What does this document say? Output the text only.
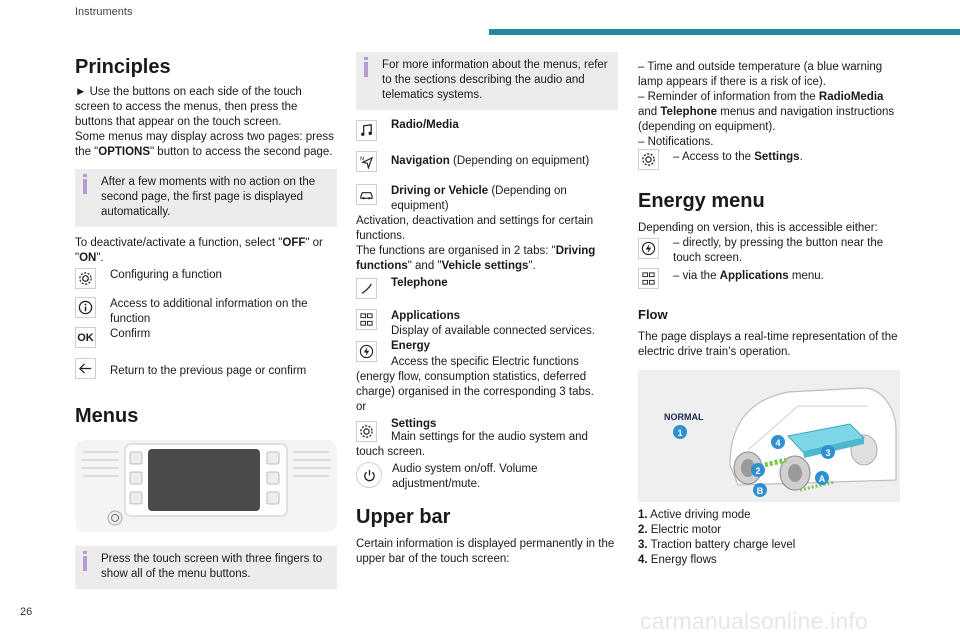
Instruments
26	carmanualsonline.info
Principles

► Use the buttons on each side of the touch screen to access the menus, then press the buttons that appear on the touch screen.

Some menus may display across two pages: press the "OPTIONS" button to access the second page.

After a few moments with no action on the second page, the first page is displayed automatically.

To deactivate/activate a function, select "OFF" or "ON".

Configuring a function

Access to additional information on the function

OK Confirm

Return to the previous page or confirm

Menus

Press the touch screen with three fingers to show all of the menu buttons.

For more information about the menus, refer to the sections describing the audio and telematics systems.

Radio/Media

N Navigation (Depending on equipment)

Driving or Vehicle (Depending on equipment)

Activation, deactivation and settings for certain functions.

The functions are organised in 2 tabs: "Driving functions" and "Vehicle settings".

Telephone

Applications

Display of available connected services.

Energy

Access the specific Electric functions (energy flow, consumption statistics, deferred charge) organised in the corresponding 3 tabs.

or

Settings

Main settings for the audio system and touch screen.

Audio system on/off. Volume adjustment/mute.

Upper bar

Certain information is displayed permanently in the upper bar of the touch screen:

– Time and outside temperature (a blue warning lamp appears if there is a risk of ice).

– Reminder of information from the RadioMedia and Telephone menus and navigation instructions (depending on equipment).

– Notifications.

– Access to the Settings.

Energy menu

Depending on version, this is accessible either:

– directly, by pressing the button near the touch screen.

– via the Applications menu.

Flow

The page displays a real-time representation of the electric drive train’s operation.

NORMAL
1
2
3
4
A
B

1. Active driving mode

2. Electric motor

3. Traction battery charge level

4. Energy flows
